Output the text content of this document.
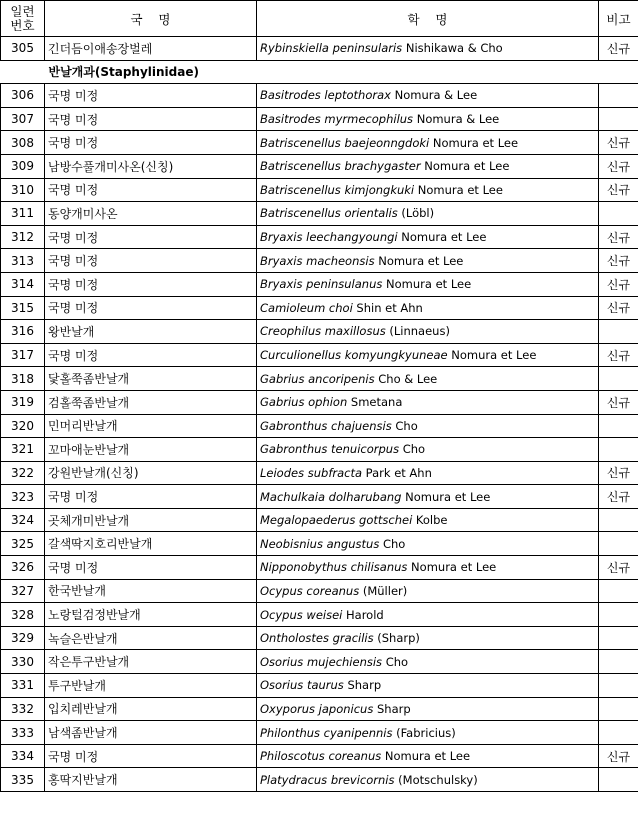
일련
번호	국    명	학    명	비고
305	긴더듬이애송장벌레	Rybinskiella peninsularis Nishikawa & Cho	신규
반날개과(Staphylinidae)			
306	국명 미정	Basitrodes leptothorax Nomura & Lee	
307	국명 미정	Basitrodes myrmecophilus Nomura & Lee	
308	국명 미정	Batriscenellus baejeonngdoki Nomura et Lee	신규
309	남방수풀개미사온(신칭)	Batriscenellus brachygaster Nomura et Lee	신규
310	국명 미정	Batriscenellus kimjongkuki Nomura et Lee	신규
311	동양개미사온	Batriscenellus orientalis (Löbl)	
312	국명 미정	Bryaxis leechangyoungi Nomura et Lee	신규
313	국명 미정	Bryaxis macheonsis Nomura et Lee	신규
314	국명 미정	Bryaxis peninsulanus Nomura et Lee	신규
315	국명 미정	Camioleum choi Shin et Ahn	신규
316	왕반날개	Creophilus maxillosus (Linnaeus)	
317	국명 미정	Curculionellus komyungkyuneae Nomura et Lee	신규
318	닻홀쭉좀반날개	Gabrius ancoripenis Cho & Lee	
319	검홀쭉좀반날개	Gabrius ophion Smetana	신규
320	민머리반날개	Gabronthus chajuensis Cho	
321	꼬마애눈반날개	Gabronthus tenuicorpus Cho	
322	강원반날개(신칭)	Leiodes subfracta Park et Ahn	신규
323	국명 미정	Machulkaia dolharubang Nomura et Lee	신규
324	곳체개미반날개	Megalopaederus gottschei Kolbe	
325	갈색딱지호리반날개	Neobisnius angustus Cho	
326	국명 미정	Nipponobythus chilisanus Nomura et Lee	신규
327	한국반날개	Ocypus coreanus (Müller)	
328	노랑털검정반날개	Ocypus weisei Harold	
329	녹슬은반날개	Ontholostes gracilis (Sharp)	
330	작은투구반날개	Osorius mujechiensis Cho	
331	투구반날개	Osorius taurus Sharp	
332	입치레반날개	Oxyporus japonicus Sharp	
333	남색좀반날개	Philonthus cyanipennis (Fabricius)	
334	국명 미정	Philoscotus coreanus Nomura et Lee	신규
335	홍딱지반날개	Platydracus brevicornis (Motschulsky)	
